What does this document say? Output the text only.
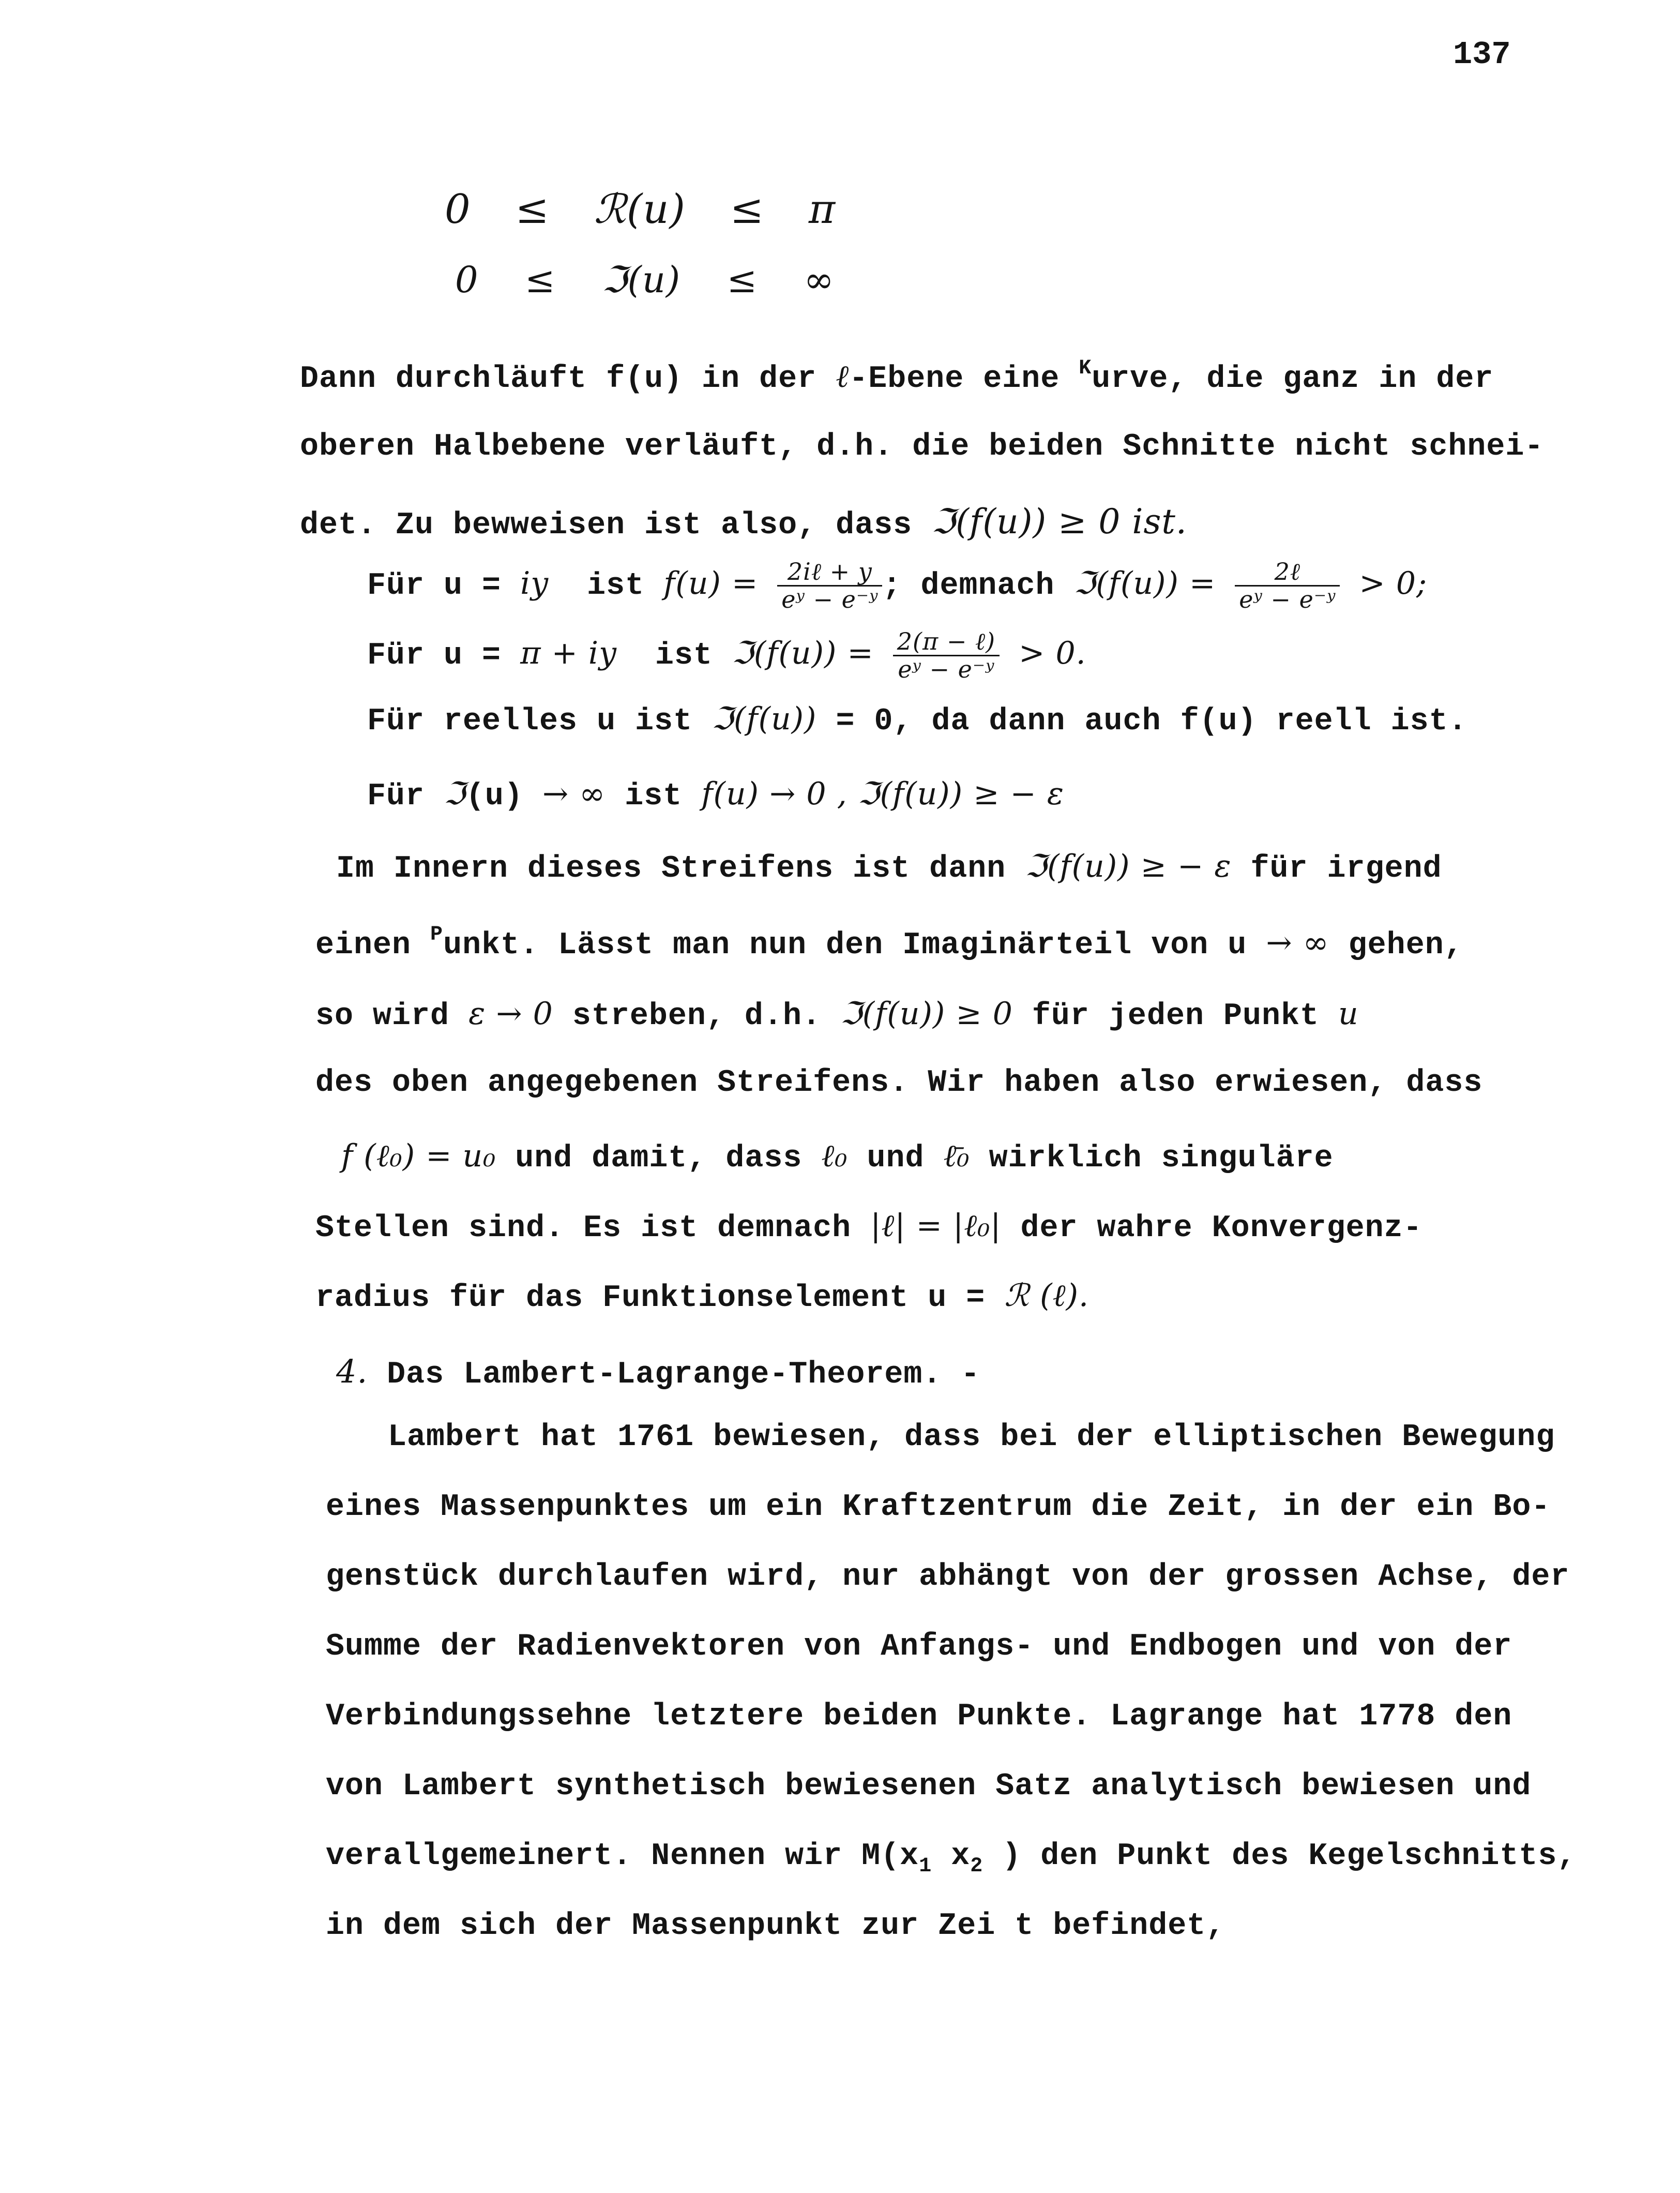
137
0 ≤ ℛ(u) ≤ π
0 ≤ ℑ(u) ≤ ∞
Dann durchläuft f(u) in der ℓ-Ebene eine $^K$urve, die ganz in der
oberen Halbebene verläuft, d.h. die beiden Schnitte nicht schnei-
det. Zu bewweisen ist also, dass ℑ(f(u)) ≥ 0 ist.
Für u = iy ist $f(u) = \frac{\text{2iℓ + y}}{\text{eʸ − e⁻ʸ}}$ ; demnach ℑ(f(u)) = $\frac{\text{2ℓ}}{\text{eʸ − e⁻ʸ}} > 0$;
Für u = π + iy ist ℑ(f(u)) = $\frac{\text{2(π − ℓ)}}{\text{eʸ − e⁻ʸ}} > 0$.
Für reelles u ist ℑ(f(u)) = 0, da dann auch f(u) reell ist.
Für ℑ(u) → ∞ ist f(u) → 0 , ℑ(f(u)) ≥ − ε
Im Innern dieses Streifens ist dann ℑ(f(u)) ≥ − ε für irgend
einen $^P$unkt. Lässt man nun den Imaginärteil von u → ∞ gehen,
so wird ε → 0 streben, d.h. ℑ(f(u)) ≥ 0 für jeden Punkt u
des oben angegebenen Streifens. Wir haben also erwiesen, dass
f (ℓ₀) = u₀ und damit, dass ℓ₀ und ℓ̄₀ wirklich singuläre
Stellen sind. Es ist demnach |ℓ| = |ℓ₀| der wahre Konvergenz-
radius für das Funktionselement u = ℛ (ℓ).
4. Das Lambert-Lagrange-Theorem. -
Lambert hat 1761 bewiesen, dass bei der elliptischen Bewegung
eines Massenpunktes um ein Kraftzentrum die Zeit, in der ein Bo-
genstück durchlaufen wird, nur abhängt von der grossen Achse, der
Summe der Radienvektoren von Anfangs- und Endbogen und von der
Verbindungssehne letztere beiden Punkte. Lagrange hat 1778 den
von Lambert synthetisch bewiesenen Satz analytisch bewiesen und
verallgemeinert. Nennen wir $M(x_1$ $x_2$ ) den Punkt des Kegelschnitts,
in dem sich der Massenpunkt zur Zei t befindet,
